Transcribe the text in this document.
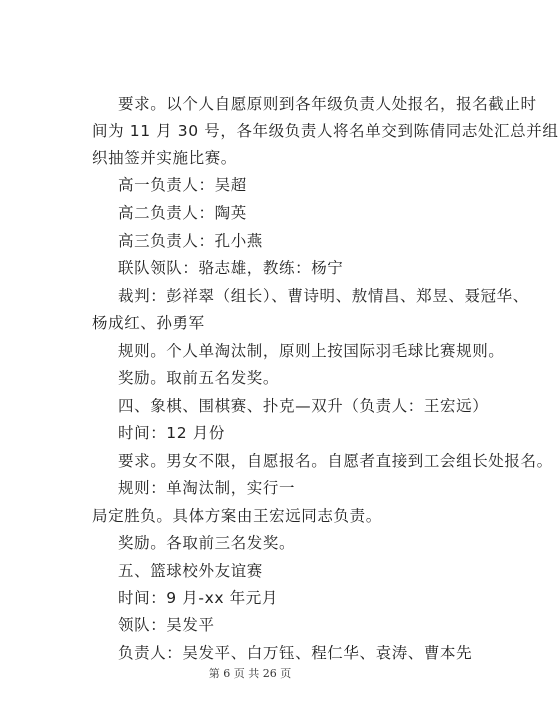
要求。以个人自愿原则到各年级负责人处报名，报名截止时
间为 11 月 30 号，各年级负责人将名单交到陈倩同志处汇总并组
织抽签并实施比赛。
高一负责人：吴超
高二负责人：陶英
高三负责人：孔小燕
联队领队：骆志雄，教练：杨宁
裁判：彭祥翠（组长）、曹诗明、敖情昌、郑昱、聂冠华、
杨成红、孙勇军
规则。个人单淘汰制，原则上按国际羽毛球比赛规则。
奖励。取前五名发奖。
四、象棋、围棋赛、扑克—双升（负责人：王宏远）
时间：12 月份
要求。男女不限，自愿报名。自愿者直接到工会组长处报名。
规则：单淘汰制，实行一
局定胜负。具体方案由王宏远同志负责。
奖励。各取前三名发奖。
五、篮球校外友谊赛
时间：9 月-xx 年元月
领队：吴发平
负责人：吴发平、白万钰、程仁华、袁涛、曹本先
第 6 页 共 26 页
